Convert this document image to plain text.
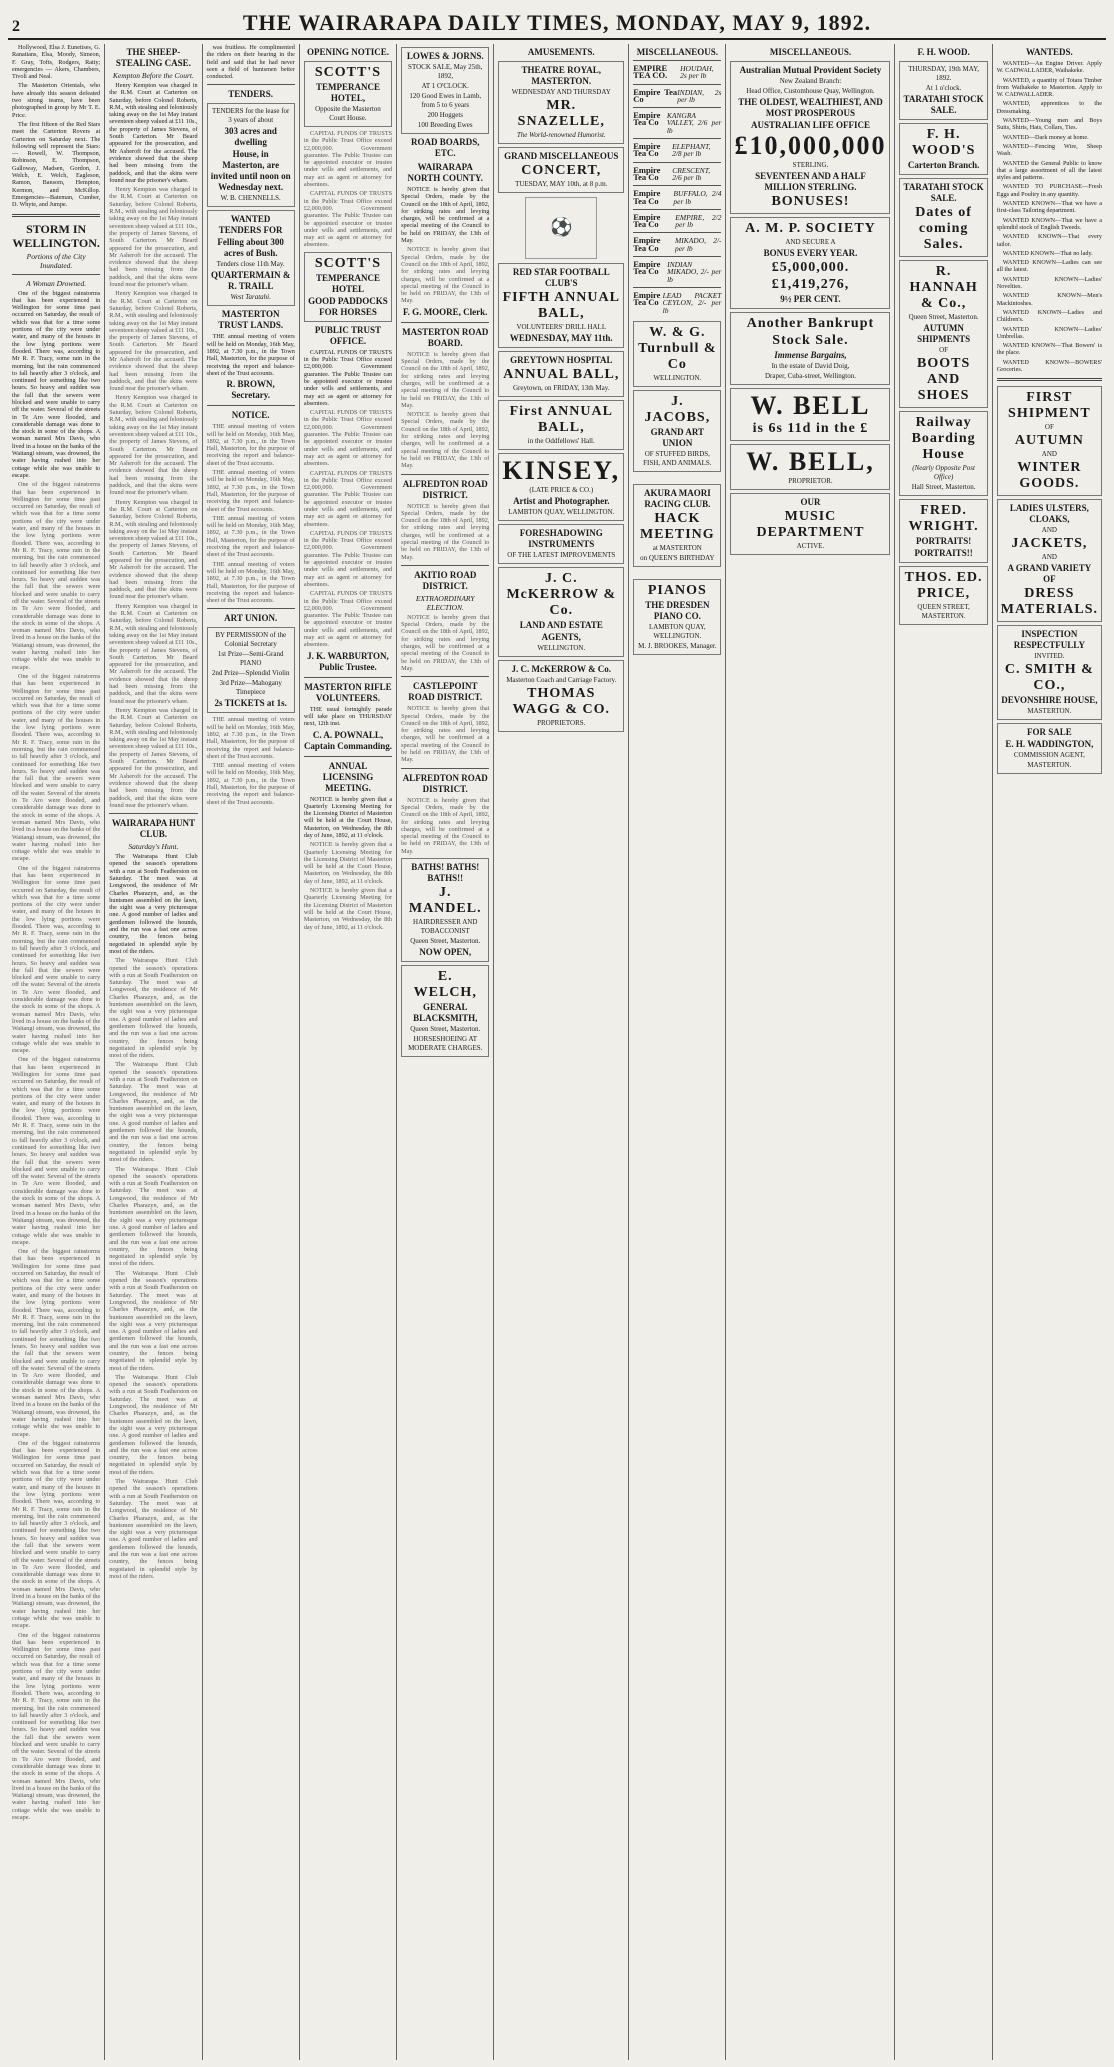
2	THE WAIRARAPA DAILY TIMES, MONDAY, MAY 9, 1892.

Hollywood, Elsa J. Eunetises, G. Ranatians, Elsa, Moody, Simeon, F. Gray, Tofts, Rodgers, Ratty; emergencies — Akers, Chambers, Tivoli and Neal.

The Masterton Orientals, who have already this season defeated two strong teams, have been photographed in group by Mr T. E. Price.

The first fifteen of the Red Stars meet the Carterton Rovers at Carterton on Saturday next. The following will represent the Stars:— Rowell, W. Thompson, Robinson, E. Thompson, Galloway, Madsen, Gordon, J. Welch, E. Welch, Eagleson, Ramon, Bansom, Hempton, Kermon, and McKillop. Emergencies—Bateman, Cumber, D. Whyte, and Jumpe.

STORM IN WELLINGTON.
Portions of the City Inundated.
A Woman Drowned.

One of the biggest rainstorms that has been experienced in Wellington for some time past occurred on Saturday, the result of which was that for a time some portions of the city were under water, and many of the houses in the low lying portions were flooded. There was, according to Mr R. F. Tracy, some rain in the morning, but the rain commenced to fall heavily after 3 o'clock, and continued for something like two hours. So heavy and sudden was the fall that the sewers were blocked and were unable to carry off the water. Several of the streets in Te Aro were flooded, and considerable damage was done to the stock in some of the shops. A woman named Mrs Davis, who lived in a house on the banks of the Waitangi stream, was drowned, the water having rushed into her cottage while she was unable to escape.

One of the biggest rainstorms that has been experienced in Wellington for some time past occurred on Saturday, the result of which was that for a time some portions of the city were under water, and many of the houses in the low lying portions were flooded. There was, according to Mr R. F. Tracy, some rain in the morning, but the rain commenced to fall heavily after 3 o'clock, and continued for something like two hours. So heavy and sudden was the fall that the sewers were blocked and were unable to carry off the water. Several of the streets in Te Aro were flooded, and considerable damage was done to the stock in some of the shops. A woman named Mrs Davis, who lived in a house on the banks of the Waitangi stream, was drowned, the water having rushed into her cottage while she was unable to escape.

One of the biggest rainstorms that has been experienced in Wellington for some time past occurred on Saturday, the result of which was that for a time some portions of the city were under water, and many of the houses in the low lying portions were flooded. There was, according to Mr R. F. Tracy, some rain in the morning, but the rain commenced to fall heavily after 3 o'clock, and continued for something like two hours. So heavy and sudden was the fall that the sewers were blocked and were unable to carry off the water. Several of the streets in Te Aro were flooded, and considerable damage was done to the stock in some of the shops. A woman named Mrs Davis, who lived in a house on the banks of the Waitangi stream, was drowned, the water having rushed into her cottage while she was unable to escape.

One of the biggest rainstorms that has been experienced in Wellington for some time past occurred on Saturday, the result of which was that for a time some portions of the city were under water, and many of the houses in the low lying portions were flooded. There was, according to Mr R. F. Tracy, some rain in the morning, but the rain commenced to fall heavily after 3 o'clock, and continued for something like two hours. So heavy and sudden was the fall that the sewers were blocked and were unable to carry off the water. Several of the streets in Te Aro were flooded, and considerable damage was done to the stock in some of the shops. A woman named Mrs Davis, who lived in a house on the banks of the Waitangi stream, was drowned, the water having rushed into her cottage while she was unable to escape.

One of the biggest rainstorms that has been experienced in Wellington for some time past occurred on Saturday, the result of which was that for a time some portions of the city were under water, and many of the houses in the low lying portions were flooded. There was, according to Mr R. F. Tracy, some rain in the morning, but the rain commenced to fall heavily after 3 o'clock, and continued for something like two hours. So heavy and sudden was the fall that the sewers were blocked and were unable to carry off the water. Several of the streets in Te Aro were flooded, and considerable damage was done to the stock in some of the shops. A woman named Mrs Davis, who lived in a house on the banks of the Waitangi stream, was drowned, the water having rushed into her cottage while she was unable to escape.

One of the biggest rainstorms that has been experienced in Wellington for some time past occurred on Saturday, the result of which was that for a time some portions of the city were under water, and many of the houses in the low lying portions were flooded. There was, according to Mr R. F. Tracy, some rain in the morning, but the rain commenced to fall heavily after 3 o'clock, and continued for something like two hours. So heavy and sudden was the fall that the sewers were blocked and were unable to carry off the water. Several of the streets in Te Aro were flooded, and considerable damage was done to the stock in some of the shops. A woman named Mrs Davis, who lived in a house on the banks of the Waitangi stream, was drowned, the water having rushed into her cottage while she was unable to escape.

One of the biggest rainstorms that has been experienced in Wellington for some time past occurred on Saturday, the result of which was that for a time some portions of the city were under water, and many of the houses in the low lying portions were flooded. There was, according to Mr R. F. Tracy, some rain in the morning, but the rain commenced to fall heavily after 3 o'clock, and continued for something like two hours. So heavy and sudden was the fall that the sewers were blocked and were unable to carry off the water. Several of the streets in Te Aro were flooded, and considerable damage was done to the stock in some of the shops. A woman named Mrs Davis, who lived in a house on the banks of the Waitangi stream, was drowned, the water having rushed into her cottage while she was unable to escape.

One of the biggest rainstorms that has been experienced in Wellington for some time past occurred on Saturday, the result of which was that for a time some portions of the city were under water, and many of the houses in the low lying portions were flooded. There was, according to Mr R. F. Tracy, some rain in the morning, but the rain commenced to fall heavily after 3 o'clock, and continued for something like two hours. So heavy and sudden was the fall that the sewers were blocked and were unable to carry off the water. Several of the streets in Te Aro were flooded, and considerable damage was done to the stock in some of the shops. A woman named Mrs Davis, who lived in a house on the banks of the Waitangi stream, was drowned, the water having rushed into her cottage while she was unable to escape.

THE SHEEP-STEALING CASE.
Kempton Before the Court.

Henry Kempton was charged in the R.M. Court at Carterton on Saturday, before Colonel Roberts, R.M., with stealing and feloniously taking away on the 1st May instant seventeen sheep valued at £11 10s., the property of James Stevens, of South Carterton. Mr Beard appeared for the prosecution, and Mr Asheroft for the accused. The evidence showed that the sheep had been missing from the paddock, and that the skins were found near the prisoner's whare.

Henry Kempton was charged in the R.M. Court at Carterton on Saturday, before Colonel Roberts, R.M., with stealing and feloniously taking away on the 1st May instant seventeen sheep valued at £11 10s., the property of James Stevens, of South Carterton. Mr Beard appeared for the prosecution, and Mr Asheroft for the accused. The evidence showed that the sheep had been missing from the paddock, and that the skins were found near the prisoner's whare.

Henry Kempton was charged in the R.M. Court at Carterton on Saturday, before Colonel Roberts, R.M., with stealing and feloniously taking away on the 1st May instant seventeen sheep valued at £11 10s., the property of James Stevens, of South Carterton. Mr Beard appeared for the prosecution, and Mr Asheroft for the accused. The evidence showed that the sheep had been missing from the paddock, and that the skins were found near the prisoner's whare.

Henry Kempton was charged in the R.M. Court at Carterton on Saturday, before Colonel Roberts, R.M., with stealing and feloniously taking away on the 1st May instant seventeen sheep valued at £11 10s., the property of James Stevens, of South Carterton. Mr Beard appeared for the prosecution, and Mr Asheroft for the accused. The evidence showed that the sheep had been missing from the paddock, and that the skins were found near the prisoner's whare.

Henry Kempton was charged in the R.M. Court at Carterton on Saturday, before Colonel Roberts, R.M., with stealing and feloniously taking away on the 1st May instant seventeen sheep valued at £11 10s., the property of James Stevens, of South Carterton. Mr Beard appeared for the prosecution, and Mr Asheroft for the accused. The evidence showed that the sheep had been missing from the paddock, and that the skins were found near the prisoner's whare.

Henry Kempton was charged in the R.M. Court at Carterton on Saturday, before Colonel Roberts, R.M., with stealing and feloniously taking away on the 1st May instant seventeen sheep valued at £11 10s., the property of James Stevens, of South Carterton. Mr Beard appeared for the prosecution, and Mr Asheroft for the accused. The evidence showed that the sheep had been missing from the paddock, and that the skins were found near the prisoner's whare.

Henry Kempton was charged in the R.M. Court at Carterton on Saturday, before Colonel Roberts, R.M., with stealing and feloniously taking away on the 1st May instant seventeen sheep valued at £11 10s., the property of James Stevens, of South Carterton. Mr Beard appeared for the prosecution, and Mr Asheroft for the accused. The evidence showed that the sheep had been missing from the paddock, and that the skins were found near the prisoner's whare.

WAIRARAPA HUNT CLUB.
Saturday's Hunt.

The Wairarapa Hunt Club opened the season's operations with a run at South Featherston on Saturday. The meet was at Longwood, the residence of Mr Charles Pharazyn, and, as the huntsmen assembled on the lawn, the sight was a very picturesque one. A good number of ladies and gentlemen followed the hounds, and the run was a fast one across country, the fences being negotiated in splendid style by most of the riders.

The Wairarapa Hunt Club opened the season's operations with a run at South Featherston on Saturday. The meet was at Longwood, the residence of Mr Charles Pharazyn, and, as the huntsmen assembled on the lawn, the sight was a very picturesque one. A good number of ladies and gentlemen followed the hounds, and the run was a fast one across country, the fences being negotiated in splendid style by most of the riders.

The Wairarapa Hunt Club opened the season's operations with a run at South Featherston on Saturday. The meet was at Longwood, the residence of Mr Charles Pharazyn, and, as the huntsmen assembled on the lawn, the sight was a very picturesque one. A good number of ladies and gentlemen followed the hounds, and the run was a fast one across country, the fences being negotiated in splendid style by most of the riders.

The Wairarapa Hunt Club opened the season's operations with a run at South Featherston on Saturday. The meet was at Longwood, the residence of Mr Charles Pharazyn, and, as the huntsmen assembled on the lawn, the sight was a very picturesque one. A good number of ladies and gentlemen followed the hounds, and the run was a fast one across country, the fences being negotiated in splendid style by most of the riders.

The Wairarapa Hunt Club opened the season's operations with a run at South Featherston on Saturday. The meet was at Longwood, the residence of Mr Charles Pharazyn, and, as the huntsmen assembled on the lawn, the sight was a very picturesque one. A good number of ladies and gentlemen followed the hounds, and the run was a fast one across country, the fences being negotiated in splendid style by most of the riders.

The Wairarapa Hunt Club opened the season's operations with a run at South Featherston on Saturday. The meet was at Longwood, the residence of Mr Charles Pharazyn, and, as the huntsmen assembled on the lawn, the sight was a very picturesque one. A good number of ladies and gentlemen followed the hounds, and the run was a fast one across country, the fences being negotiated in splendid style by most of the riders.

The Wairarapa Hunt Club opened the season's operations with a run at South Featherston on Saturday. The meet was at Longwood, the residence of Mr Charles Pharazyn, and, as the huntsmen assembled on the lawn, the sight was a very picturesque one. A good number of ladies and gentlemen followed the hounds, and the run was a fast one across country, the fences being negotiated in splendid style by most of the riders.

was fruitless. He complimented the riders on their bearing in the field and said that he had never seen a field of huntsmen better conducted.

TENDERS.
TENDERS for the lease for 3 years of about
303 acres and dwelling
House, in Masterton, are invited until noon on Wednesday next.
W. B. CHENNELLS.
WANTED TENDERS FOR
Felling about 300 acres of Bush.
Tenders close 11th May.
QUARTERMAIN & R. TRAILL
West Taratahi.
MASTERTON TRUST LANDS.

THE annual meeting of voters will be held on Monday, 16th May, 1892, at 7.30 p.m., in the Town Hall, Masterton, for the purpose of receiving the report and balance-sheet of the Trust accounts.

R. BROWN, Secretary.
NOTICE.

THE annual meeting of voters will be held on Monday, 16th May, 1892, at 7.30 p.m., in the Town Hall, Masterton, for the purpose of receiving the report and balance-sheet of the Trust accounts.

THE annual meeting of voters will be held on Monday, 16th May, 1892, at 7.30 p.m., in the Town Hall, Masterton, for the purpose of receiving the report and balance-sheet of the Trust accounts.

THE annual meeting of voters will be held on Monday, 16th May, 1892, at 7.30 p.m., in the Town Hall, Masterton, for the purpose of receiving the report and balance-sheet of the Trust accounts.

THE annual meeting of voters will be held on Monday, 16th May, 1892, at 7.30 p.m., in the Town Hall, Masterton, for the purpose of receiving the report and balance-sheet of the Trust accounts.

ART UNION.
BY PERMISSION of the Colonial Secretary
1st Prize—Semi-Grand PIANO
2nd Prize—Splendid Violin
3rd Prize—Mahogany Timepiece
2s TICKETS at 1s.

THE annual meeting of voters will be held on Monday, 16th May, 1892, at 7.30 p.m., in the Town Hall, Masterton, for the purpose of receiving the report and balance-sheet of the Trust accounts.

THE annual meeting of voters will be held on Monday, 16th May, 1892, at 7.30 p.m., in the Town Hall, Masterton, for the purpose of receiving the report and balance-sheet of the Trust accounts.

OPENING NOTICE.
SCOTT'S
TEMPERANCE HOTEL,
Opposite the Masterton Court House.

CAPITAL FUNDS OF TRUSTS in the Public Trust Office exceed £2,000,000. Government guarantee. The Public Trustee can be appointed executor or trustee under wills and settlements, and may act as agent or attorney for absentees.

CAPITAL FUNDS OF TRUSTS in the Public Trust Office exceed £2,000,000. Government guarantee. The Public Trustee can be appointed executor or trustee under wills and settlements, and may act as agent or attorney for absentees.

SCOTT'S
TEMPERANCE HOTEL
GOOD PADDOCKS FOR HORSES
PUBLIC TRUST OFFICE.

CAPITAL FUNDS OF TRUSTS in the Public Trust Office exceed £2,000,000. Government guarantee. The Public Trustee can be appointed executor or trustee under wills and settlements, and may act as agent or attorney for absentees.

CAPITAL FUNDS OF TRUSTS in the Public Trust Office exceed £2,000,000. Government guarantee. The Public Trustee can be appointed executor or trustee under wills and settlements, and may act as agent or attorney for absentees.

CAPITAL FUNDS OF TRUSTS in the Public Trust Office exceed £2,000,000. Government guarantee. The Public Trustee can be appointed executor or trustee under wills and settlements, and may act as agent or attorney for absentees.

CAPITAL FUNDS OF TRUSTS in the Public Trust Office exceed £2,000,000. Government guarantee. The Public Trustee can be appointed executor or trustee under wills and settlements, and may act as agent or attorney for absentees.

CAPITAL FUNDS OF TRUSTS in the Public Trust Office exceed £2,000,000. Government guarantee. The Public Trustee can be appointed executor or trustee under wills and settlements, and may act as agent or attorney for absentees.

J. K. WARBURTON, Public Trustee.
MASTERTON RIFLE VOLUNTEERS.

THE usual fortnightly parade will take place on THURSDAY next, 12th inst.

C. A. POWNALL, Captain Commanding.
ANNUAL LICENSING MEETING.

NOTICE is hereby given that a Quarterly Licensing Meeting for the Licensing District of Masterton will be held at the Court House, Masterton, on Wednesday, the 8th day of June, 1892, at 11 o'clock.

NOTICE is hereby given that a Quarterly Licensing Meeting for the Licensing District of Masterton will be held at the Court House, Masterton, on Wednesday, the 8th day of June, 1892, at 11 o'clock.

NOTICE is hereby given that a Quarterly Licensing Meeting for the Licensing District of Masterton will be held at the Court House, Masterton, on Wednesday, the 8th day of June, 1892, at 11 o'clock.

LOWES & JORNS.
STOCK SALE, May 25th, 1892,
AT 1 O'CLOCK.
120 Good Ewes in Lamb, from 5 to 6 years
200 Hoggets
100 Breeding Ewes
ROAD BOARDS, ETC.
WAIRARAPA NORTH COUNTY.

NOTICE is hereby given that Special Orders, made by the Council on the 18th of April, 1892, for striking rates and levying charges, will be confirmed at a special meeting of the Council to be held on FRIDAY, the 13th of May.

NOTICE is hereby given that Special Orders, made by the Council on the 18th of April, 1892, for striking rates and levying charges, will be confirmed at a special meeting of the Council to be held on FRIDAY, the 13th of May.

F. G. MOORE, Clerk.
MASTERTON ROAD BOARD.

NOTICE is hereby given that Special Orders, made by the Council on the 18th of April, 1892, for striking rates and levying charges, will be confirmed at a special meeting of the Council to be held on FRIDAY, the 13th of May.

NOTICE is hereby given that Special Orders, made by the Council on the 18th of April, 1892, for striking rates and levying charges, will be confirmed at a special meeting of the Council to be held on FRIDAY, the 13th of May.

ALFREDTON ROAD DISTRICT.

NOTICE is hereby given that Special Orders, made by the Council on the 18th of April, 1892, for striking rates and levying charges, will be confirmed at a special meeting of the Council to be held on FRIDAY, the 13th of May.

AKITIO ROAD DISTRICT.
EXTRAORDINARY ELECTION.

NOTICE is hereby given that Special Orders, made by the Council on the 18th of April, 1892, for striking rates and levying charges, will be confirmed at a special meeting of the Council to be held on FRIDAY, the 13th of May.

CASTLEPOINT ROAD DISTRICT.

NOTICE is hereby given that Special Orders, made by the Council on the 18th of April, 1892, for striking rates and levying charges, will be confirmed at a special meeting of the Council to be held on FRIDAY, the 13th of May.

ALFREDTON ROAD DISTRICT.

NOTICE is hereby given that Special Orders, made by the Council on the 18th of April, 1892, for striking rates and levying charges, will be confirmed at a special meeting of the Council to be held on FRIDAY, the 13th of May.

BATHS! BATHS! BATHS!!
J. MANDEL.
HAIRDRESSER AND TOBACCONIST
Queen Street, Masterton.
NOW OPEN,
E. WELCH,
GENERAL BLACKSMITH,
Queen Street, Masterton.
HORSESHOEING AT MODERATE CHARGES.
AMUSEMENTS.
THEATRE ROYAL, MASTERTON.
WEDNESDAY AND THURSDAY
MR. SNAZELLE,
The World-renowned Humorist.
GRAND MISCELLANEOUS
CONCERT,
TUESDAY, MAY 10th, at 8 p.m.
⚽
RED STAR FOOTBALL CLUB'S
FIFTH ANNUAL BALL,
VOLUNTEERS' DRILL HALL
WEDNESDAY, MAY 11th.
GREYTOWN HOSPITAL
ANNUAL BALL,
Greytown, on FRIDAY, 13th May.
First ANNUAL BALL,
in the Oddfellows' Hall.
KINSEY,
(LATE PRICE & CO.)
Artist and Photographer.
LAMBTON QUAY, WELLINGTON.
FORESHADOWING INSTRUMENTS
OF THE LATEST IMPROVEMENTS
J. C. McKERROW & Co.
LAND AND ESTATE
AGENTS,
WELLINGTON.
J. C. McKERROW & Co.
Masterton Coach and Carriage Factory.
THOMAS WAGG & CO.
PROPRIETORS.
MISCELLANEOUS.
EMPIRE TEA CO.
HOUDAH, 2s per lb
Empire Tea Co
INDIAN, 2s per lb
Empire Tea Co
KANGRA VALLEY, 2/6 per lb
Empire Tea Co
ELEPHANT, 2/8 per lb
Empire Tea Co
CRESCENT, 2/6 per lb
Empire Tea Co
BUFFALO, 2/4 per lb
Empire Tea Co
EMPIRE, 2/2 per lb
Empire Tea Co
MIKADO, 2/- per lb
Empire Tea Co
INDIAN MIKADO, 2/- per lb
Empire Tea Co
LEAD PACKET CEYLON, 2/- per lb
W. & G. Turnbull & Co
WELLINGTON.
J. JACOBS,
GRAND ART UNION
OF STUFFED BIRDS, FISH, AND ANIMALS.
AKURA MAORI RACING CLUB.
HACK MEETING
at MASTERTON
on QUEEN'S BIRTHDAY
PIANOS
THE DRESDEN PIANO CO.
LAMBTON QUAY, WELLINGTON.
M. J. BROOKES, Manager.
MISCELLANEOUS.
Australian Mutual Provident Society
New Zealand Branch:
Head Office, Customhouse Quay, Wellington.
THE OLDEST, WEALTHIEST, AND MOST PROSPEROUS
AUSTRALIAN LIFE OFFICE
£10,000,000
STERLING.
SEVENTEEN AND A HALF MILLION STERLING.
BONUSES!
A. M. P. SOCIETY
AND SECURE A
BONUS EVERY YEAR.
£5,000,000.
£1,419,276,
9½ PER CENT.
Another Bankrupt
Stock Sale.
Immense Bargains,
In the estate of David Doig,
Draper, Cuba-street, Wellington.
W. BELL
is 6s 11d in the £
W. BELL,
PROPRIETOR.
OUR
MUSIC DEPARTMENT
ACTIVE.
F. H. WOOD.
THURSDAY, 19th MAY, 1892.
At 1 o'clock.
TARATAHI STOCK SALE.
F. H. WOOD'S
Carterton Branch.
TARATAHI STOCK SALE.
Dates of coming Sales.
R. HANNAH & Co.,
Queen Street, Masterton.
AUTUMN SHIPMENTS
OF
BOOTS AND SHOES
Railway Boarding House
(Nearly Opposite Post Office)
Hall Street, Masterton.
FRED. WRIGHT.
PORTRAITS!
PORTRAITS!!
THOS. ED. PRICE,
QUEEN STREET, MASTERTON.
WANTEDS.

WANTED—An Engine Driver. Apply W. CADWALLADER, Waihakeke.

WANTED, a quantity of Totara Timber from Waihakeke to Masterton. Apply to W. CADWALLADER.

WANTED, apprentices to the Dressmaking.

WANTED—Young men and Boys Suits, Shirts, Hats, Collars, Ties.

WANTED—Dark money at home.

WANTED—Fencing Wire, Sheep Wash.

WANTED the General Public to know that a large assortment of all the latest styles and patterns.

WANTED TO PURCHASE—Fresh Eggs and Poultry in any quantity.

WANTED KNOWN—That we have a first-class Tailoring department.

WANTED KNOWN—That we have a splendid stock of English Tweeds.

WANTED KNOWN—That every tailor.

WANTED KNOWN—That no lady.

WANTED KNOWN—Ladies can see all the latest.

WANTED KNOWN—Ladies' Novelties.

WANTED KNOWN—Men's Mackintoshes.

WANTED KNOWN—Ladies and Children's.

WANTED KNOWN—Ladies' Umbrellas.

WANTED KNOWN—That Bowers' is the place.

WANTED KNOWN—BOWERS' Groceries.

FIRST SHIPMENT
OF
AUTUMN
AND
WINTER GOODS.
LADIES ULSTERS, CLOAKS,
AND
JACKETS,
AND
A GRAND VARIETY OF
DRESS MATERIALS.
INSPECTION RESPECTFULLY
INVITED.
C. SMITH & CO.,
DEVONSHIRE HOUSE,
MASTERTON.
FOR SALE
E. H. WADDINGTON,
COMMISSION AGENT,
MASTERTON.
